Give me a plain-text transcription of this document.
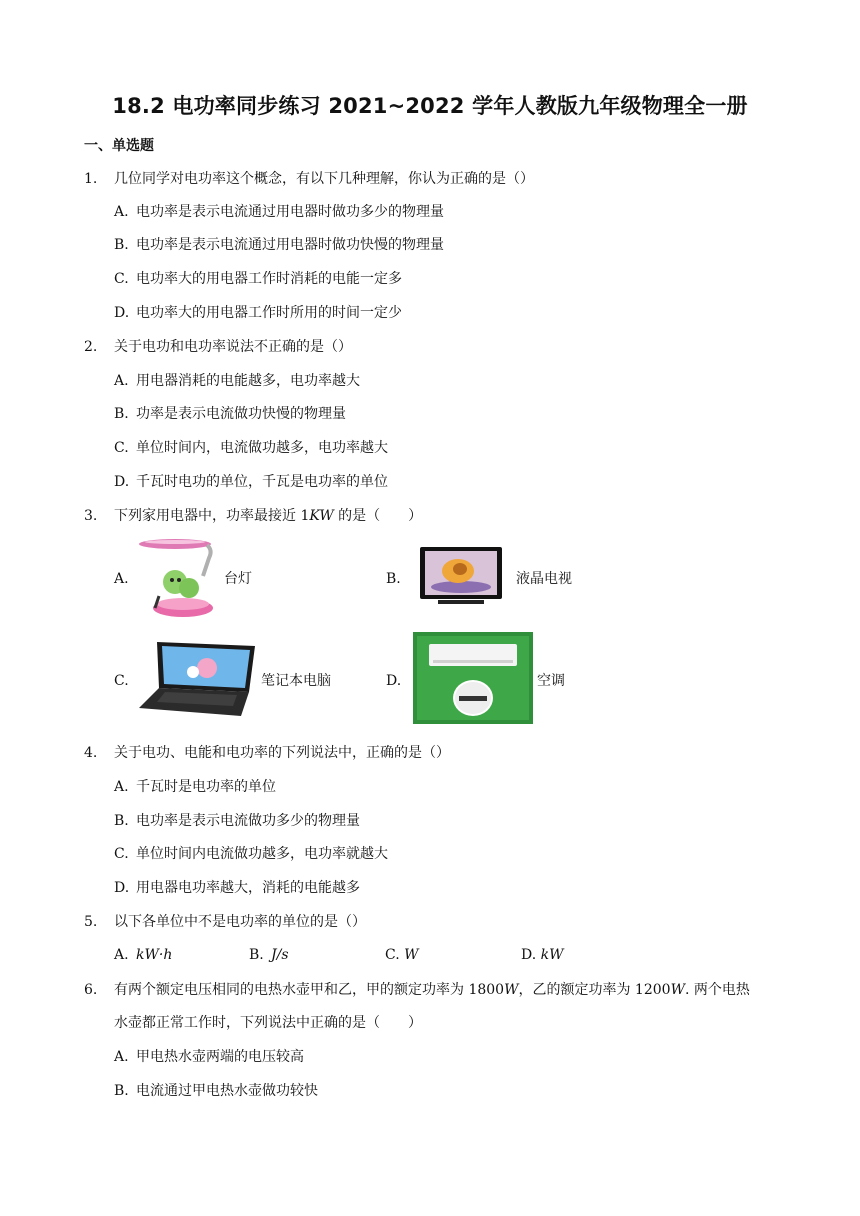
18.2 电功率同步练习 2021~2022 学年人教版九年级物理全一册
一、单选题
1. 几位同学对电功率这个概念，有以下几种理解，你认为正确的是（）
A. 电功率是表示电流通过用电器时做功多少的物理量
B. 电功率是表示电流通过用电器时做功快慢的物理量
C. 电功率大的用电器工作时消耗的电能一定多
D. 电功率大的用电器工作时所用的时间一定少
2. 关于电功和电功率说法不正确的是（）
A. 用电器消耗的电能越多，电功率越大
B. 功率是表示电流做功快慢的物理量
C. 单位时间内，电流做功越多，电功率越大
D. 千瓦时电功的单位，千瓦是电功率的单位
3. 下列家用电器中，功率最接近 1KW 的是（　　）
A.	台灯	B.	液晶电视
C.	笔记本电脑	D.	空调
4. 关于电功、电能和电功率的下列说法中，正确的是（）
A. 千瓦时是电功率的单位
B. 电功率是表示电流做功多少的物理量
C. 单位时间内电流做功越多，电功率就越大
D. 用电器电功率越大，消耗的电能越多
5. 以下各单位中不是电功率的单位的是（）
A. kW·h	B. J/s	C. W	D. kW
6. 有两个额定电压相同的电热水壶甲和乙，甲的额定功率为 1800W，乙的额定功率为 1200W. 两个电热
水壶都正常工作时，下列说法中正确的是（　　）
A. 甲电热水壶两端的电压较高
B. 电流通过甲电热水壶做功较快
